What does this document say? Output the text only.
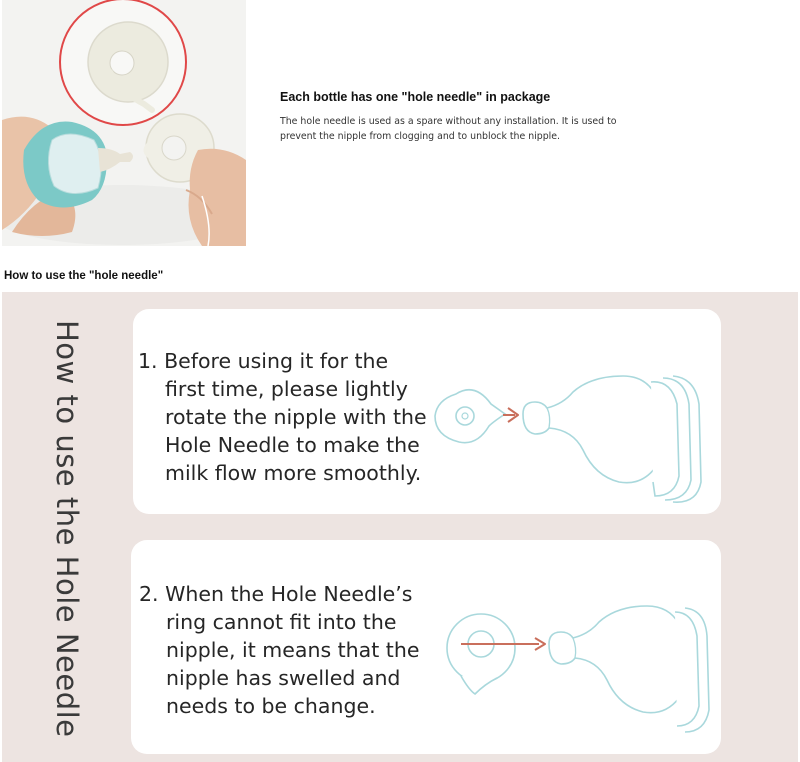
Each bottle has one "hole needle" in package

The hole needle is used as a spare without any installation. It is used to prevent the nipple from clogging and to unblock the nipple.

How to use the "hole needle"
How to use the Hole Needle	1. Before using it for the
first time, please lightly
rotate the nipple with the
Hole Needle to make the
milk flow more smoothly.

2. When the Hole Needle’s
ring cannot fit into the
nipple, it means that the
nipple has swelled and
needs to be change.
